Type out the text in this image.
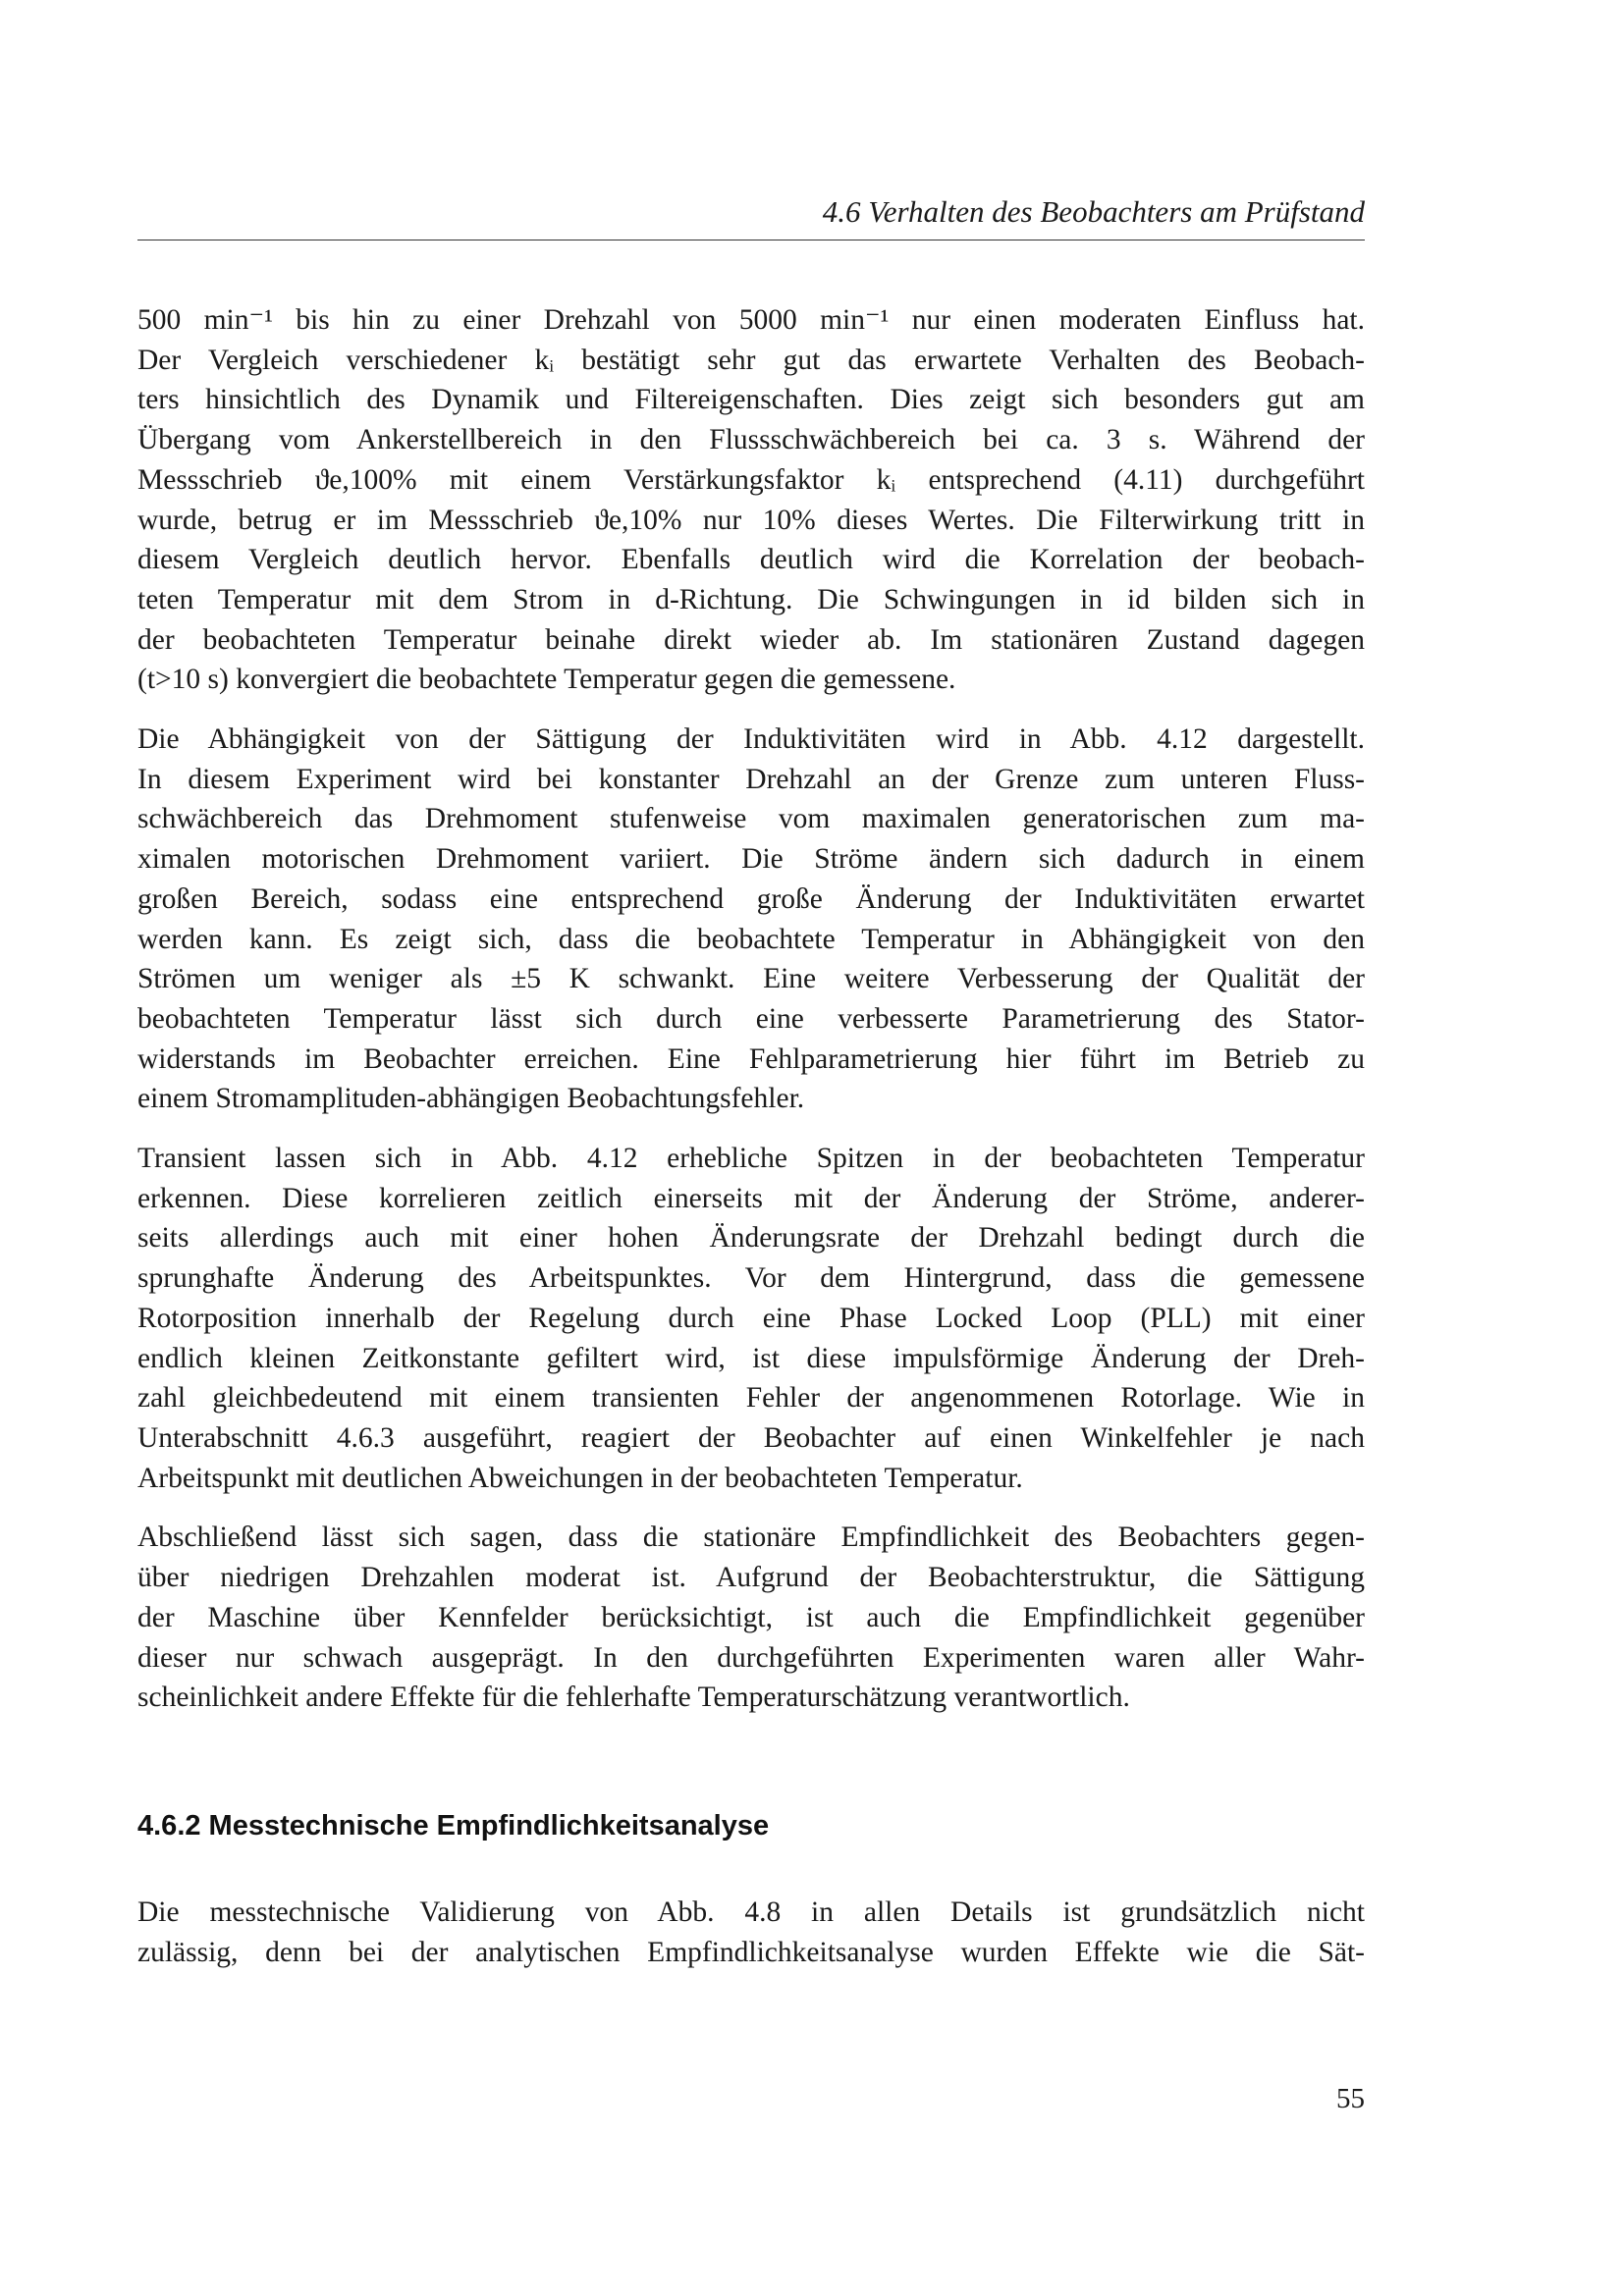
4.6 Verhalten des Beobachters am Prüfstand

500 min⁻¹ bis hin zu einer Drehzahl von 5000 min⁻¹ nur einen moderaten Einfluss hat.
Der Vergleich verschiedener kᵢ bestätigt sehr gut das erwartete Verhalten des Beobach-
ters hinsichtlich des Dynamik und Filtereigenschaften. Dies zeigt sich besonders gut am
Übergang vom Ankerstellbereich in den Flussschwächbereich bei ca. 3 s. Während der
Messschrieb ϑe,100% mit einem Verstärkungsfaktor kᵢ entsprechend (4.11) durchgeführt
wurde, betrug er im Messschrieb ϑe,10% nur 10% dieses Wertes. Die Filterwirkung tritt in
diesem Vergleich deutlich hervor. Ebenfalls deutlich wird die Korrelation der beobach-
teten Temperatur mit dem Strom in d-Richtung. Die Schwingungen in id bilden sich in
der beobachteten Temperatur beinahe direkt wieder ab. Im stationären Zustand dagegen
(t>10 s) konvergiert die beobachtete Temperatur gegen die gemessene.

Die Abhängigkeit von der Sättigung der Induktivitäten wird in Abb. 4.12 dargestellt.
In diesem Experiment wird bei konstanter Drehzahl an der Grenze zum unteren Fluss-
schwächbereich das Drehmoment stufenweise vom maximalen generatorischen zum ma-
ximalen motorischen Drehmoment variiert. Die Ströme ändern sich dadurch in einem
großen Bereich, sodass eine entsprechend große Änderung der Induktivitäten erwartet
werden kann. Es zeigt sich, dass die beobachtete Temperatur in Abhängigkeit von den
Strömen um weniger als ±5 K schwankt. Eine weitere Verbesserung der Qualität der
beobachteten Temperatur lässt sich durch eine verbesserte Parametrierung des Stator-
widerstands im Beobachter erreichen. Eine Fehlparametrierung hier führt im Betrieb zu
einem Stromamplituden-abhängigen Beobachtungsfehler.

Transient lassen sich in Abb. 4.12 erhebliche Spitzen in der beobachteten Temperatur
erkennen. Diese korrelieren zeitlich einerseits mit der Änderung der Ströme, anderer-
seits allerdings auch mit einer hohen Änderungsrate der Drehzahl bedingt durch die
sprunghafte Änderung des Arbeitspunktes. Vor dem Hintergrund, dass die gemessene
Rotorposition innerhalb der Regelung durch eine Phase Locked Loop (PLL) mit einer
endlich kleinen Zeitkonstante gefiltert wird, ist diese impulsförmige Änderung der Dreh-
zahl gleichbedeutend mit einem transienten Fehler der angenommenen Rotorlage. Wie in
Unterabschnitt 4.6.3 ausgeführt, reagiert der Beobachter auf einen Winkelfehler je nach
Arbeitspunkt mit deutlichen Abweichungen in der beobachteten Temperatur.

Abschließend lässt sich sagen, dass die stationäre Empfindlichkeit des Beobachters gegen-
über niedrigen Drehzahlen moderat ist. Aufgrund der Beobachterstruktur, die Sättigung
der Maschine über Kennfelder berücksichtigt, ist auch die Empfindlichkeit gegenüber
dieser nur schwach ausgeprägt. In den durchgeführten Experimenten waren aller Wahr-
scheinlichkeit andere Effekte für die fehlerhafte Temperaturschätzung verantwortlich.

4.6.2 Messtechnische Empfindlichkeitsanalyse
Die messtechnische Validierung von Abb. 4.8 in allen Details ist grundsätzlich nicht
zulässig, denn bei der analytischen Empfindlichkeitsanalyse wurden Effekte wie die Sät-
55
